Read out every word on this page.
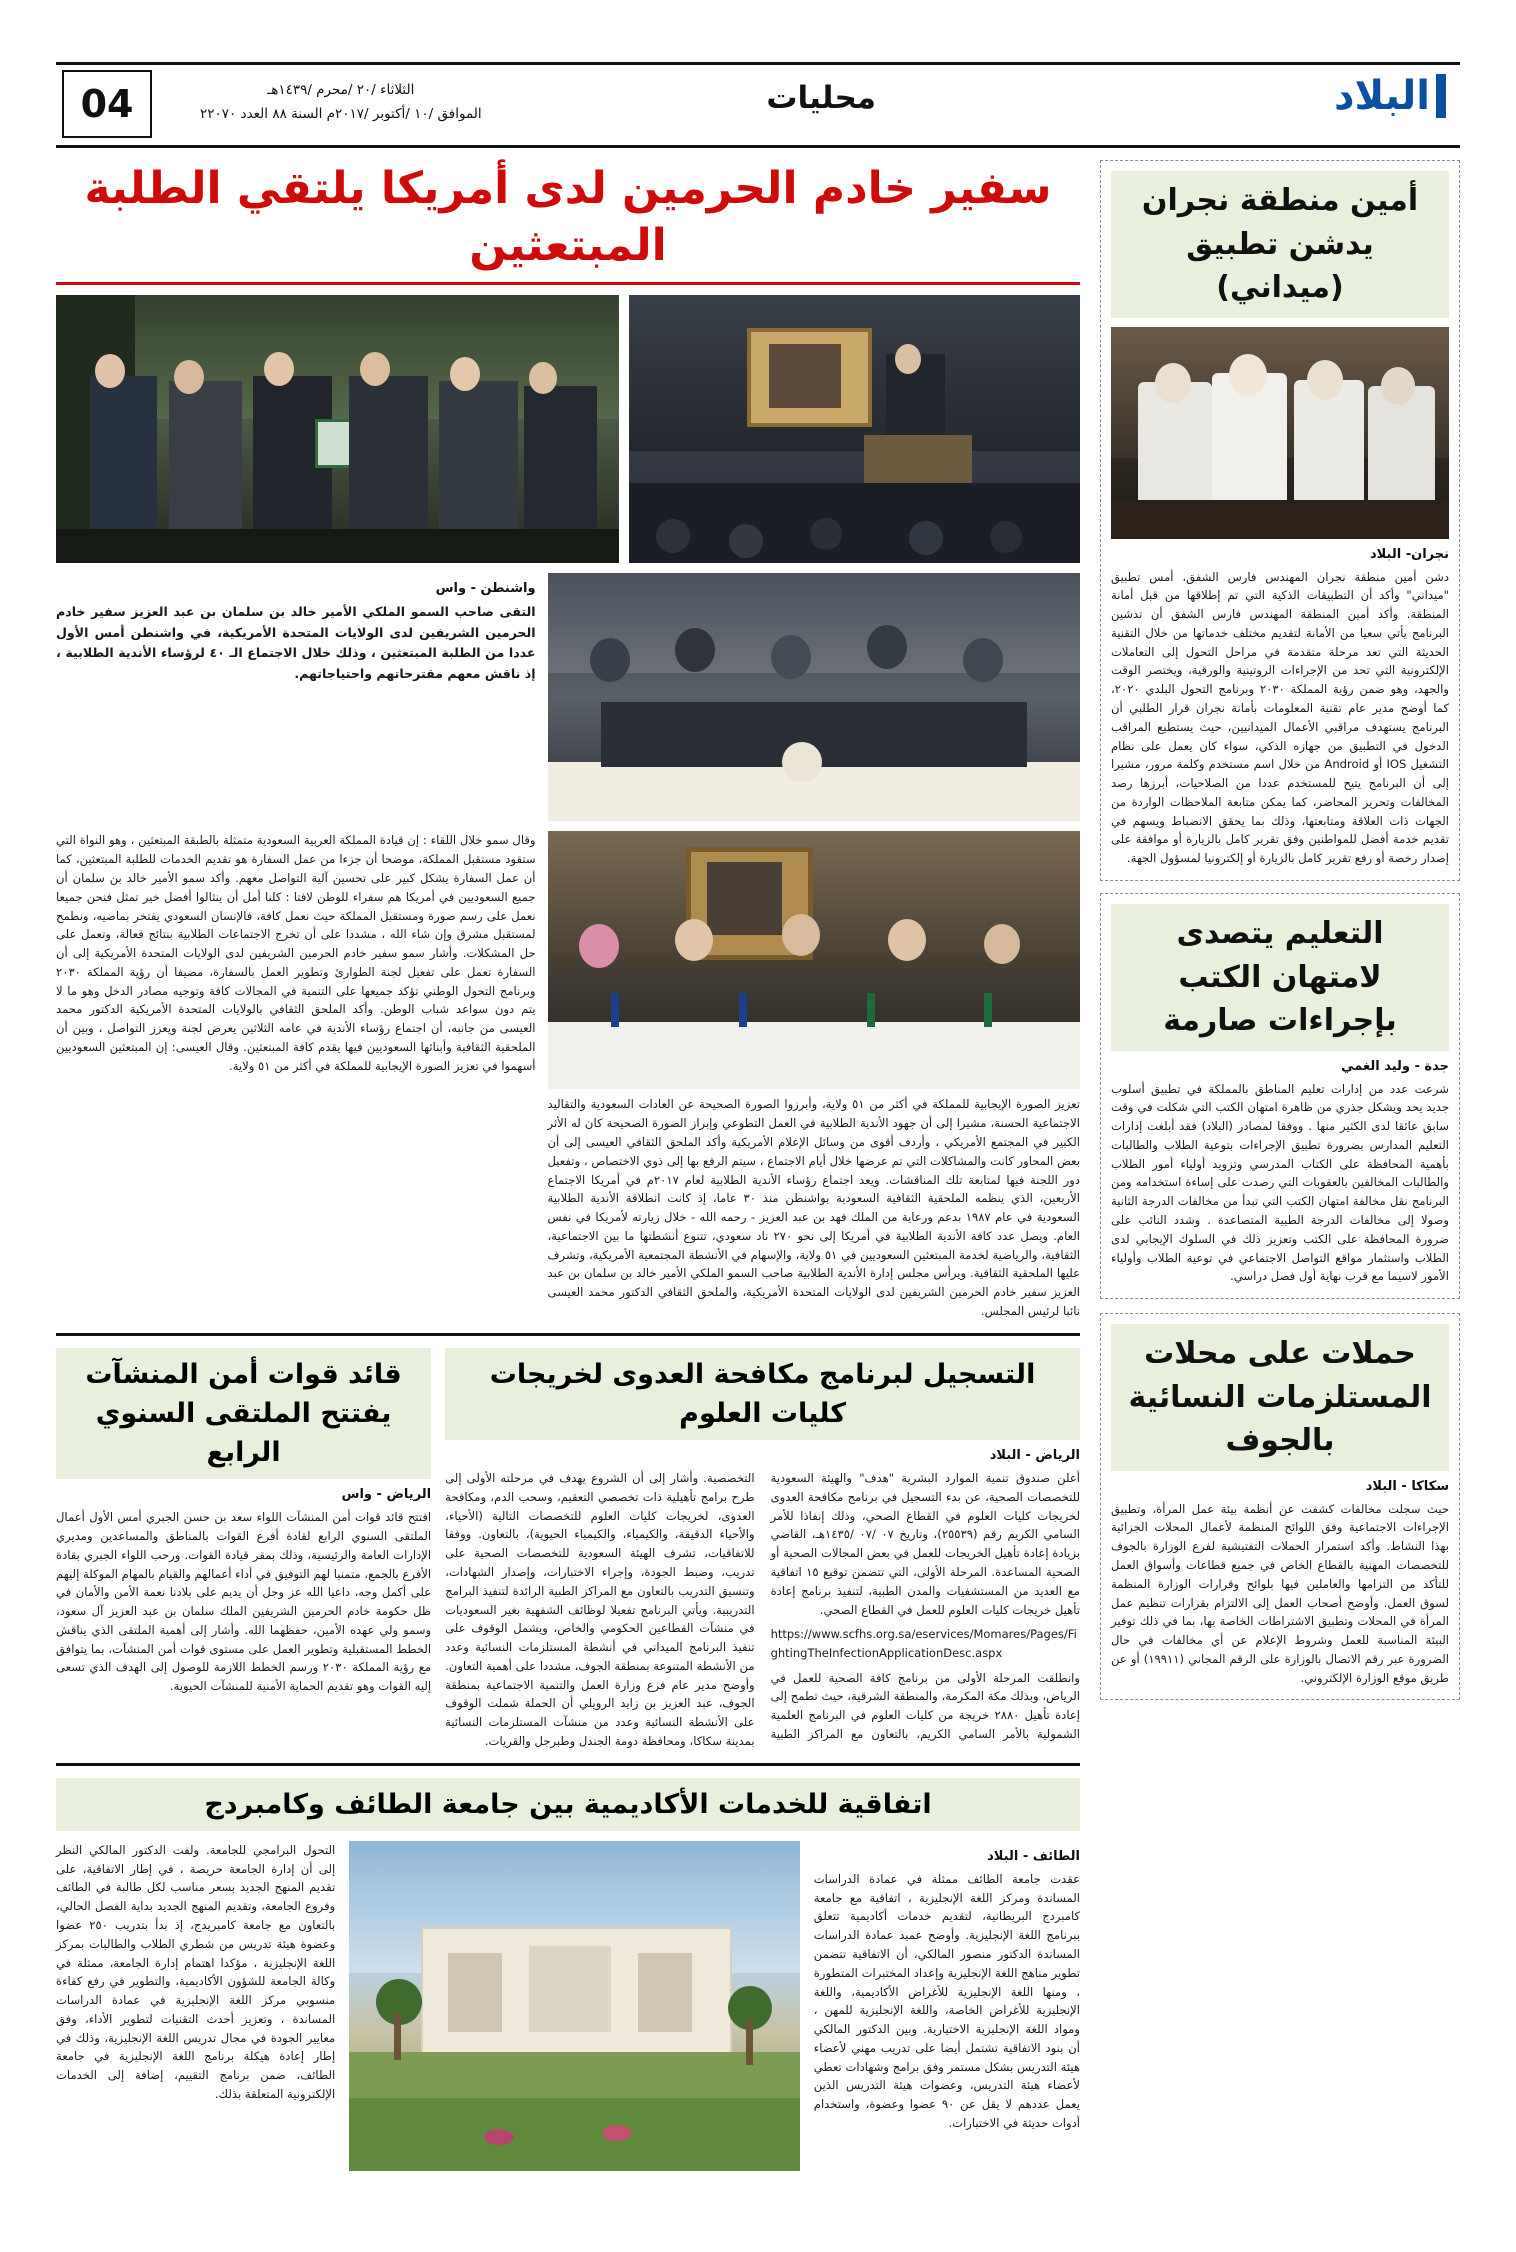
البلاد
محليات
الثلاثاء /٢٠ /محرم /١٤٣٩هـ
الموافق /١٠ /أكتوبر /٢٠١٧م السنة ٨٨ العدد ٢٢٠٧٠
04
أمين منطقة نجران يدشن تطبيق (ميداني)
نجران- البلاد
دشن أمين منطقة نجران المهندس فارس الشفق، أمس تطبيق "ميداني" وأكد أن التطبيقات الذكية التي تم إطلاقها من قبل أمانة المنطقة. وأكد أمين المنطقة المهندس فارس الشفق أن تدشين البرنامج يأتي سعيا من الأمانة لتقديم مختلف خدماتها من خلال التقنية الحديثة التي تعد مرحلة متقدمة في مراحل التحول إلى التعاملات الإلكترونية التي تحد من الإجراءات الروتينية والورقية، ويختصر الوقت والجهد، وهو ضمن رؤية المملكة ٢٠٣٠ وبرنامج التحول البلدي ٢٠٢٠، كما أوضح مدير عام تقنية المعلومات بأمانة نجران قرار الطلبي أن البرنامج يستهدف مراقبي الأعمال الميدانيين، حيث يستطيع المراقب الدخول في التطبيق من جهازه الذكي، سواء كان يعمل على نظام التشغيل IOS أو Android من خلال اسم مستخدم وكلمة مرور، مشيرا إلى أن البرنامج يتيح للمستخدم عددا من الصلاحيات، أبرزها رصد المخالفات وتحرير المحاضر، كما يمكن متابعة الملاحظات الواردة من الجهات ذات العلاقة ومتابعتها، وذلك بما يحقق الانضباط ويسهم في تقديم خدمة أفضل للمواطنين وفق تقرير كامل بالزيارة أو موافقة على إصدار رخصة أو رفع تقرير كامل بالزيارة أو إلكترونيا لمسؤول الجهة.
التعليم يتصدى لامتهان الكتب بإجراءات صارمة
جدة - وليد الغمي
شرعت عدد من إدارات تعليم المناطق بالمملكة في تطبيق أسلوب جديد يحد ويشكل جذري من ظاهرة امتهان الكتب التي شكلت في وقت سابق عائقا لدى الكثير منها . ووفقا لمصادر (البلاد) فقد أبلغت إدارات التعليم المدارس بضرورة تطبيق الإجراءات بتوعية الطلاب والطالبات بأهمية المحافظة على الكتاب المدرسي وتزويد أولياء أمور الطلاب والطالبات المخالفين بالعقوبات التي رصدت على إساءة استخدامه ومن البرنامج نقل مخالفة امتهان الكتب التي تبدأ من مخالفات الدرجة الثانية وصولا إلى مخالفات الدرجة الطبية المتصاعدة . وشدد النائب على ضرورة المحافظة على الكتب وتعزيز ذلك في السلوك الإيجابي لدى الطلاب واستثمار مواقع التواصل الاجتماعي في توعية الطلاب وأولياء الأمور لاسيما مع قرب نهاية أول فصل دراسي.
حملات على محلات المستلزمات النسائية بالجوف
سكاكا - البلاد
حيث سجلت مخالفات كشفت عن أنظمة بيئة عمل المرأة، وتطبيق الإجراءات الاجتماعية وفق اللوائح المنظمة لأعمال المحلات الجزائية بهذا النشاط. وأكد استمرار الحملات التفتيشية لفرع الوزارة بالجوف للتخصصات المهنية بالقطاع الخاص في جميع قطاعات وأسواق العمل للتأكد من التزامها والعاملين فيها بلوائح وقرارات الوزارة المنظمة لسوق العمل. وأوضح أصحاب العمل إلى الالتزام بقرارات تنظيم عمل المرأة في المحلات وتطبيق الاشتراطات الخاصة بها، بما في ذلك توفير البيئة المناسبة للعمل وشروط الإعلام عن أي مخالفات في حال الضرورة عبر رقم الاتصال بالوزارة على الرقم المجاني (١٩٩١١) أو عن طريق موقع الوزارة الإلكتروني.
سفير خادم الحرمين لدى أمريكا يلتقي الطلبة المبتعثين
واشنطن - واس
التقى صاحب السمو الملكي الأمير خالد بن سلمان بن عبد العزيز سفير خادم الحرمين الشريفين لدى الولايات المتحدة الأمريكية، في واشنطن أمس الأول عددا من الطلبة المبتعثين ، وذلك خلال الاجتماع الـ ٤٠ لرؤساء الأندية الطلابية ، إذ ناقش معهم مقترحاتهم واحتياجاتهم.
وقال سمو خلال اللقاء : إن قيادة المملكة العربية السعودية متمثلة بالطبقة المبتعثين ، وهو النواة التي ستقود مستقبل المملكة، موضحا أن جزءا من عمل السفارة هو تقديم الخدمات للطلبة المبتعثين، كما أن عمل السفارة يشكل كبير على تحسين آلية التواصل معهم. وأكد سمو الأمير خالد بن سلمان أن جميع السعوديين في أمريكا هم سفراء للوطن لافتا : كلنا أمل أن ينثالوا أفضل خير تمثل فنحن جميعا نعمل على رسم صورة ومستقبل المملكة حيث نعمل كافة، فالإنسان السعودي يفتخر بماضيه، ونطمح لمستقبل مشرق وإن شاء الله ، مشددا على أن تخرج الاجتماعات الطلابية بنتائج فعالة، وتعمل على حل المشكلات. وأشار سمو سفير خادم الحرمين الشريفين لدى الولايات المتحدة الأمريكية إلى أن السفارة تعمل على تفعيل لجنة الطوارئ وتطوير العمل بالسفارة، مضيفا أن رؤية المملكة ٢٠٣٠ وبرنامج التحول الوطني تؤكد جميعها على التنمية في المجالات كافة وتوجيه مصادر الدخل وهو ما لا يتم دون سواعد شباب الوطن. وأكد الملحق الثقافي بالولايات المتحدة الأمريكية الدكتور محمد العيسى من جانبه، أن اجتماع رؤساء الأندية في عامه الثلاثين يعرض لجنة ويعزز التواصل ، وبين أن الملحقية الثقافية وأبنائها السعوديين فيها يقدم كافة المبتعثين. وقال العيسى: إن المبتعثين السعوديين أسهموا في تعزيز الصورة الإيجابية للمملكة في أكثر من ٥١ ولاية.
تعزيز الصورة الإيجابية للمملكة في أكثر من ٥١ ولاية، وأبرزوا الصورة الصحيحة عن العادات السعودية والتقاليد الاجتماعية الحسنة، مشيرا إلى أن جهود الأندية الطلابية في العمل التطوعي وإبراز الصورة الصحيحة كان له الأثر الكبير في المجتمع الأمريكي ، وأردف أقوى من وسائل الإعلام الأمريكية وأكد الملحق الثقافي العيسى إلى أن بعض المحاور كانت والمشاكلات التي تم عرضها خلال أيام الاجتماع ، سيتم الرفع بها إلى ذوي الاختصاص ، وتفعيل دور اللجنة فيها لمتابعة تلك المناقشات. ويعد اجتماع رؤساء الأندية الطلابية لعام ٢٠١٧م في أمريكا الاجتماع الأربعين، الذي ينظمه الملحقية الثقافية السعودية بواشنطن منذ ٣٠ عاما، إذ كانت انطلاقة الأندية الطلابية السعودية في عام ١٩٨٧ بدعم ورعاية من الملك فهد بن عبد العزيز - رحمه الله - خلال زيارته لأمريكا في نفس العام. ويصل عدد كافة الأندية الطلابية في أمريكا إلى نحو ٢٧٠ ناد سعودي، تتنوع أنشطتها ما بين الاجتماعية، الثقافية، والرياضية لخدمة المبتعثين السعوديين في ٥١ ولاية، والإسهام في الأنشطة المجتمعية الأمريكية، وتشرف عليها الملحقية الثقافية. ويرأس مجلس إدارة الأندية الطلابية صاحب السمو الملكي الأمير خالد بن سلمان بن عبد العزيز سفير خادم الحرمين الشريفين لدى الولايات المتحدة الأمريكية، والملحق الثقافي الدكتور محمد العيسى نائبا لرئيس المجلس.
التسجيل لبرنامج مكافحة العدوى لخريجات كليات العلوم
الرياض - البلاد
أعلن صندوق تنمية الموارد البشرية "هدف" والهيئة السعودية للتخصصات الصحية، عن بدء التسجيل في برنامج مكافحة العدوى لخريجات كليات العلوم في القطاع الصحي، وذلك إنفاذا للأمر السامي الكريم رقم (٢٥٥٣٩)، وتاريخ ٠٧ /٠٧ /١٤٣٥هـ، القاضي بزيادة إعادة تأهيل الخريجات للعمل في بعض المجالات الصحية أو الصحية المساعدة. المرحلة الأولى، التي تتضمن توقيع ١٥ اتفاقية مع العديد من المستشفيات والمدن الطبية، لتنفيذ برنامج إعادة تأهيل خريجات كليات العلوم للعمل في القطاع الصحي.
https://www.scfhs.org.sa/eservices/Momares/Pages/FightingTheInfectionApplicationDesc.aspx
وانطلقت المرحلة الأولى من برنامج كافة الصحية للعمل في الرياض، وبذلك مكة المكرمة، والمنطقة الشرقية، حيث تطمح إلى إعادة تأهيل ٢٨٨٠ خريجة من كليات العلوم في البرنامج العلمية الشمولية بالأمر السامي الكريم، بالتعاون مع المراكز الطبية التخصصية. وأشار إلى أن الشروع يهدف في مرحلته الأولى إلى طرح برامج تأهيلية ذات تخصصي التعقيم، وسحب الدم، ومكافحة العدوى، لخريجات كليات العلوم للتخصصات التالية (الأحياء، والأحياء الدقيقة، والكيمياء، والكيمياء الحيوية)، بالتعاون. ووفقا للاتفاقيات، تشرف الهيئة السعودية للتخصصات الصحية على تدريب، وضبط الجودة، وإجراء الاختبارات، وإصدار الشهادات، وتنسيق التدريب بالتعاون مع المراكز الطبية الرائدة لتنفيذ البرامج التدريبية. ويأتي البرنامج تفعيلا لوظائف الشفهية بغير السعوديات في منشآت القطاعين الحكومي والخاص، ويشمل الوقوف على تنفيذ البرنامج الميداني في أنشطة المستلزمات النسائية وعدد من الأنشطة المتنوعة بمنطقة الجوف، مشددا على أهمية التعاون. وأوضح مدير عام فرع وزارة العمل والتنمية الاجتماعية بمنطقة الجوف، عبد العزيز بن زايد الرويلي أن الحملة شملت الوقوف على الأنشطة النسائية وعدد من منشآت المستلزمات النسائية بمدينة سكاكا، ومحافظة دومة الجندل وطبرجل والقريات.
قائد قوات أمن المنشآت يفتتح الملتقى السنوي الرابع
الرياض - واس
افتتح قائد قوات أمن المنشآت اللواء سعد بن حسن الجبري أمس الأول أعمال الملتقى السنوي الرابع لقادة أفرع القوات بالمناطق والمساعدين ومديري الإدارات العامة والرئيسية، وذلك بمقر قيادة القوات. ورحب اللواء الجبري بقادة الأفرع بالجمع، متمنيا لهم التوفيق في أداء أعمالهم والقيام بالمهام الموكلة إليهم على أكمل وجه، داعيا الله عز وجل أن يديم على بلادنا نعمة الأمن والأمان في ظل حكومة خادم الحرمين الشريفين الملك سلمان بن عبد العزيز آل سعود، وسمو ولي عهده الأمين، حفظهما الله. وأشار إلى أهمية الملتقى الذي يناقش الخطط المستقبلية وتطوير العمل على مستوى قوات أمن المنشآت، بما يتوافق مع رؤية المملكة ٢٠٣٠ ورسم الخطط اللازمة للوصول إلى الهدف الذي تسعى إليه القوات وهو تقديم الحماية الأمنية للمنشآت الحيوية.
اتفاقية للخدمات الأكاديمية بين جامعة الطائف وكامبردج
الطائف - البلاد
عقدت جامعة الطائف ممثلة في عمادة الدراسات المساندة ومركز اللغة الإنجليزية ، اتفاقية مع جامعة كامبردج البريطانية، لتقديم خدمات أكاديمية تتعلق ببرنامج اللغة الإنجليزية. وأوضح عميد عمادة الدراسات المساندة الدكتور منصور المالكي، أن الاتفاقية تتضمن تطوير مناهج اللغة الإنجليزية وإعداد المختبرات المتطورة ، ومنها اللغة الإنجليزية للأغراض الأكاديمية، واللغة الإنجليزية للأغراض الخاصة، واللغة الإنجليزية للمهن ، ومواد اللغة الإنجليزية الاختيارية. وبين الدكتور المالكي أن بنود الاتفاقية تشتمل أيضا على تدريب مهني لأعضاء هيئة التدريس بشكل مستمر وفق برامج وشهادات تعطي لأعضاء هيئة التدريس، وعضوات هيئة التدريس الذين يعمل عددهم لا يقل عن ٩٠ عضوا وعضوة، واستخدام أدوات حديثة في الاختبارات.
التحول البرامجي للجامعة. ولفت الدكتور المالكي النظر إلى أن إدارة الجامعة حريصة ، في إطار الاتفاقية، على تقديم المنهج الجديد بسعر مناسب لكل طالبة في الطائف وفروع الجامعة، وتقديم المنهج الجديد بداية الفصل الحالي، بالتعاون مع جامعة كامبريدج، إذ بدأ بتدريب ٢٥٠ عضوا وعضوة هيئة تدريس من شطري الطلاب والطالبات بمركز اللغة الإنجليزية ، مؤكدا اهتمام إدارة الجامعة، ممثلة في وكالة الجامعة للشؤون الأكاديمية، والتطوير في رفع كفاءة منسوبي مركز اللغة الإنجليزية في عمادة الدراسات المساندة ، وتعزيز أحدث التقنيات لتطوير الأداء، وفق معايير الجودة في مجال تدريس اللغة الإنجليزية، وذلك في إطار إعادة هيكلة برنامج اللغة الإنجليزية في جامعة الطائف، ضمن برنامج التقييم، إضافة إلى الخدمات الإلكترونية المتعلقة بذلك.
